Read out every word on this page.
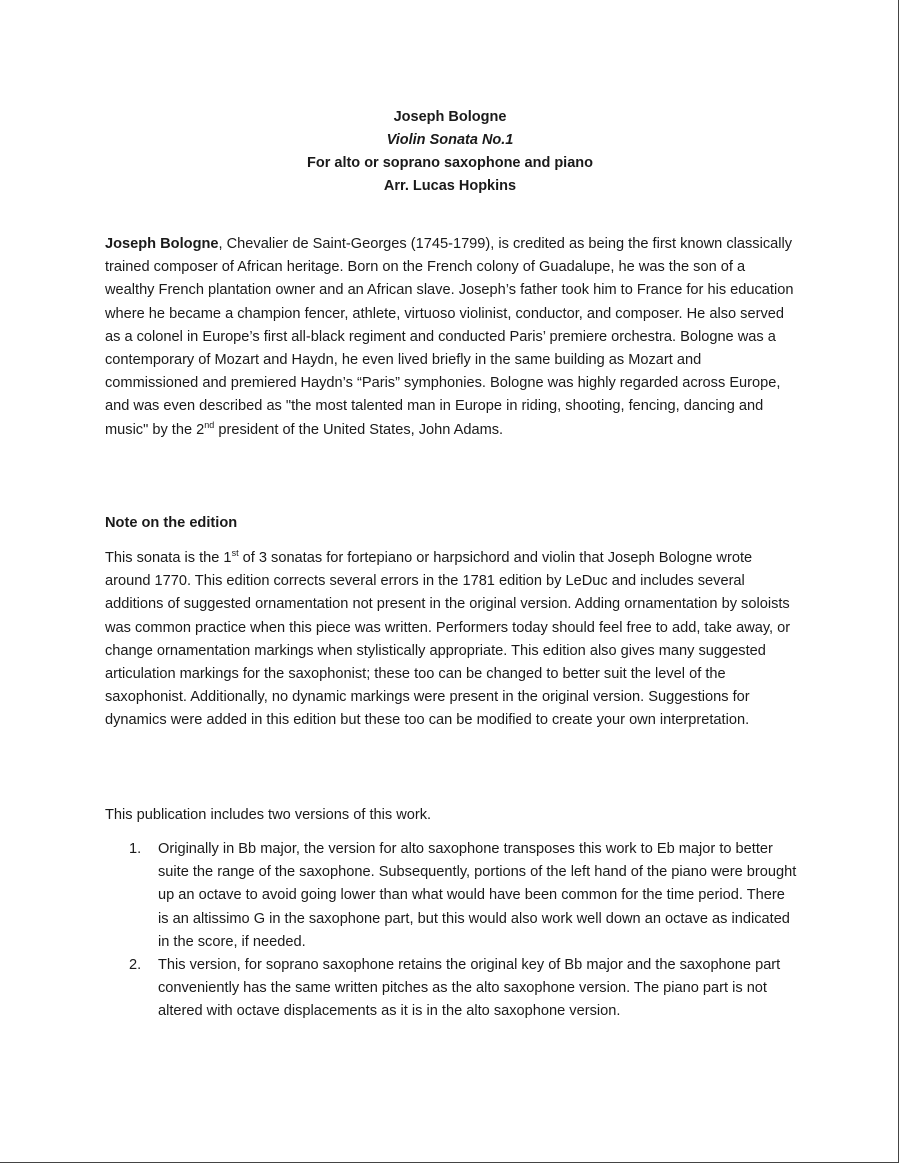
Joseph Bologne
Violin Sonata No.1
For alto or soprano saxophone and piano
Arr. Lucas Hopkins

Joseph Bologne, Chevalier de Saint-Georges (1745-1799), is credited as being the first known classically trained composer of African heritage. Born on the French colony of Guadalupe, he was the son of a wealthy French plantation owner and an African slave. Joseph’s father took him to France for his education where he became a champion fencer, athlete, virtuoso violinist, conductor, and composer. He also served as a colonel in Europe’s first all-black regiment and conducted Paris’ premiere orchestra. Bologne was a contemporary of Mozart and Haydn, he even lived briefly in the same building as Mozart and commissioned and premiered Haydn’s “Paris” symphonies. Bologne was highly regarded across Europe, and was even described as "the most talented man in Europe in riding, shooting, fencing, dancing and music" by the 2nd president of the United States, John Adams.

Note on the edition

This sonata is the 1st of 3 sonatas for fortepiano or harpsichord and violin that Joseph Bologne wrote around 1770. This edition corrects several errors in the 1781 edition by LeDuc and includes several additions of suggested ornamentation not present in the original version. Adding ornamentation by soloists was common practice when this piece was written. Performers today should feel free to add, take away, or change ornamentation markings when stylistically appropriate. This edition also gives many suggested articulation markings for the saxophonist; these too can be changed to better suit the level of the saxophonist. Additionally, no dynamic markings were present in the original version. Suggestions for dynamics were added in this edition but these too can be modified to create your own interpretation.

This publication includes two versions of this work.

1. Originally in Bb major, the version for alto saxophone transposes this work to Eb major to better suite the range of the saxophone. Subsequently, portions of the left hand of the piano were brought up an octave to avoid going lower than what would have been common for the time period. There is an altissimo G in the saxophone part, but this would also work well down an octave as indicated in the score, if needed.
2. This version, for soprano saxophone retains the original key of Bb major and the saxophone part conveniently has the same written pitches as the alto saxophone version. The piano part is not altered with octave displacements as it is in the alto saxophone version.
